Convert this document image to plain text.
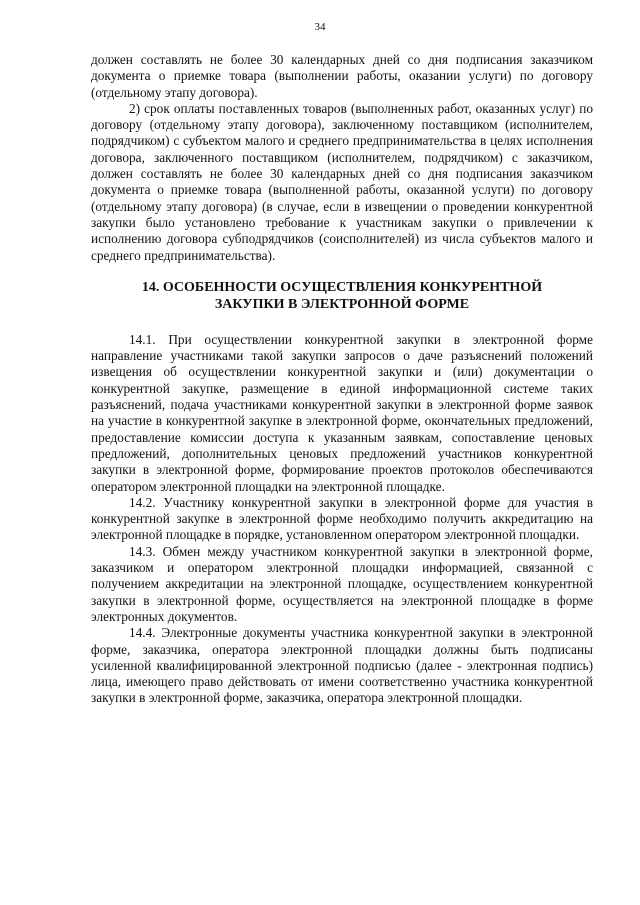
34

должен составлять не более 30 календарных дней со дня подписания заказчиком документа о приемке товара (выполнении работы, оказании услуги) по договору (отдельному этапу договора).

2) срок оплаты поставленных товаров (выполненных работ, оказанных услуг) по договору (отдельному этапу договора), заключенному поставщиком (исполнителем, подрядчиком) с субъектом малого и среднего предпринимательства в целях исполнения договора, заключенного поставщиком (исполнителем, подрядчиком) с заказчиком, должен составлять не более 30 календарных дней со дня подписания заказчиком документа о приемке товара (выполненной работы, оказанной услуги) по договору (отдельному этапу договора) (в случае, если в извещении о проведении конкурентной закупки было установлено требование к участникам закупки о привлечении к исполнению договора субподрядчиков (соисполнителей) из числа субъектов малого и среднего предпринимательства).

14. ОСОБЕННОСТИ ОСУЩЕСТВЛЕНИЯ КОНКУРЕНТНОЙ
ЗАКУПКИ В ЭЛЕКТРОННОЙ ФОРМЕ

14.1. При осуществлении конкурентной закупки в электронной форме направление участниками такой закупки запросов о даче разъяснений положений извещения об осуществлении конкурентной закупки и (или) документации о конкурентной закупке, размещение в единой информационной системе таких разъяснений, подача участниками конкурентной закупки в электронной форме заявок на участие в конкурентной закупке в электронной форме, окончательных предложений, предоставление комиссии доступа к указанным заявкам, сопоставление ценовых предложений, дополнительных ценовых предложений участников конкурентной закупки в электронной форме, формирование проектов протоколов обеспечиваются оператором электронной площадки на электронной площадке.

14.2. Участнику конкурентной закупки в электронной форме для участия в конкурентной закупке в электронной форме необходимо получить аккредитацию на электронной площадке в порядке, установленном оператором электронной площадки.

14.3. Обмен между участником конкурентной закупки в электронной форме, заказчиком и оператором электронной площадки информацией, связанной с получением аккредитации на электронной площадке, осуществлением конкурентной закупки в электронной форме, осуществляется на электронной площадке в форме электронных документов.

14.4. Электронные документы участника конкурентной закупки в электронной форме, заказчика, оператора электронной площадки должны быть подписаны усиленной квалифицированной электронной подписью (далее - электронная подпись) лица, имеющего право действовать от имени соответственно участника конкурентной закупки в электронной форме, заказчика, оператора электронной площадки.
